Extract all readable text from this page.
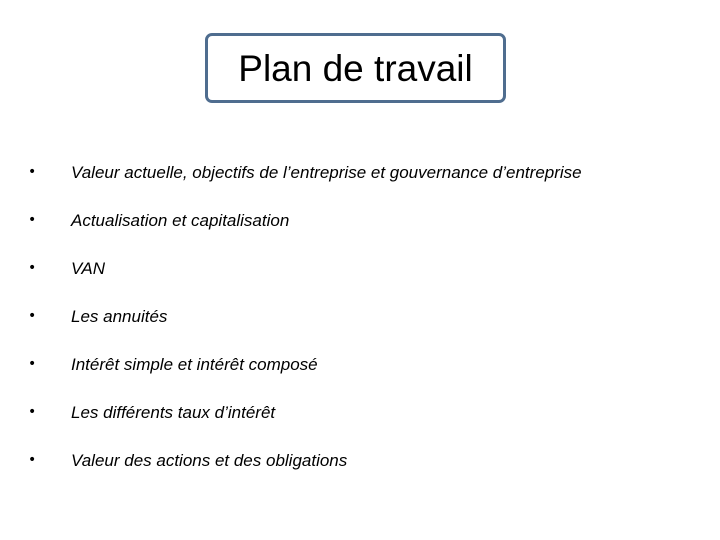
Plan de travail
•	Valeur actuelle, objectifs de l’entreprise et gouvernance d’entreprise
•	Actualisation et capitalisation
•	VAN
•	Les annuités
•	Intérêt simple et intérêt composé
•	Les différents taux d’intérêt
•	Valeur des actions et des obligations
